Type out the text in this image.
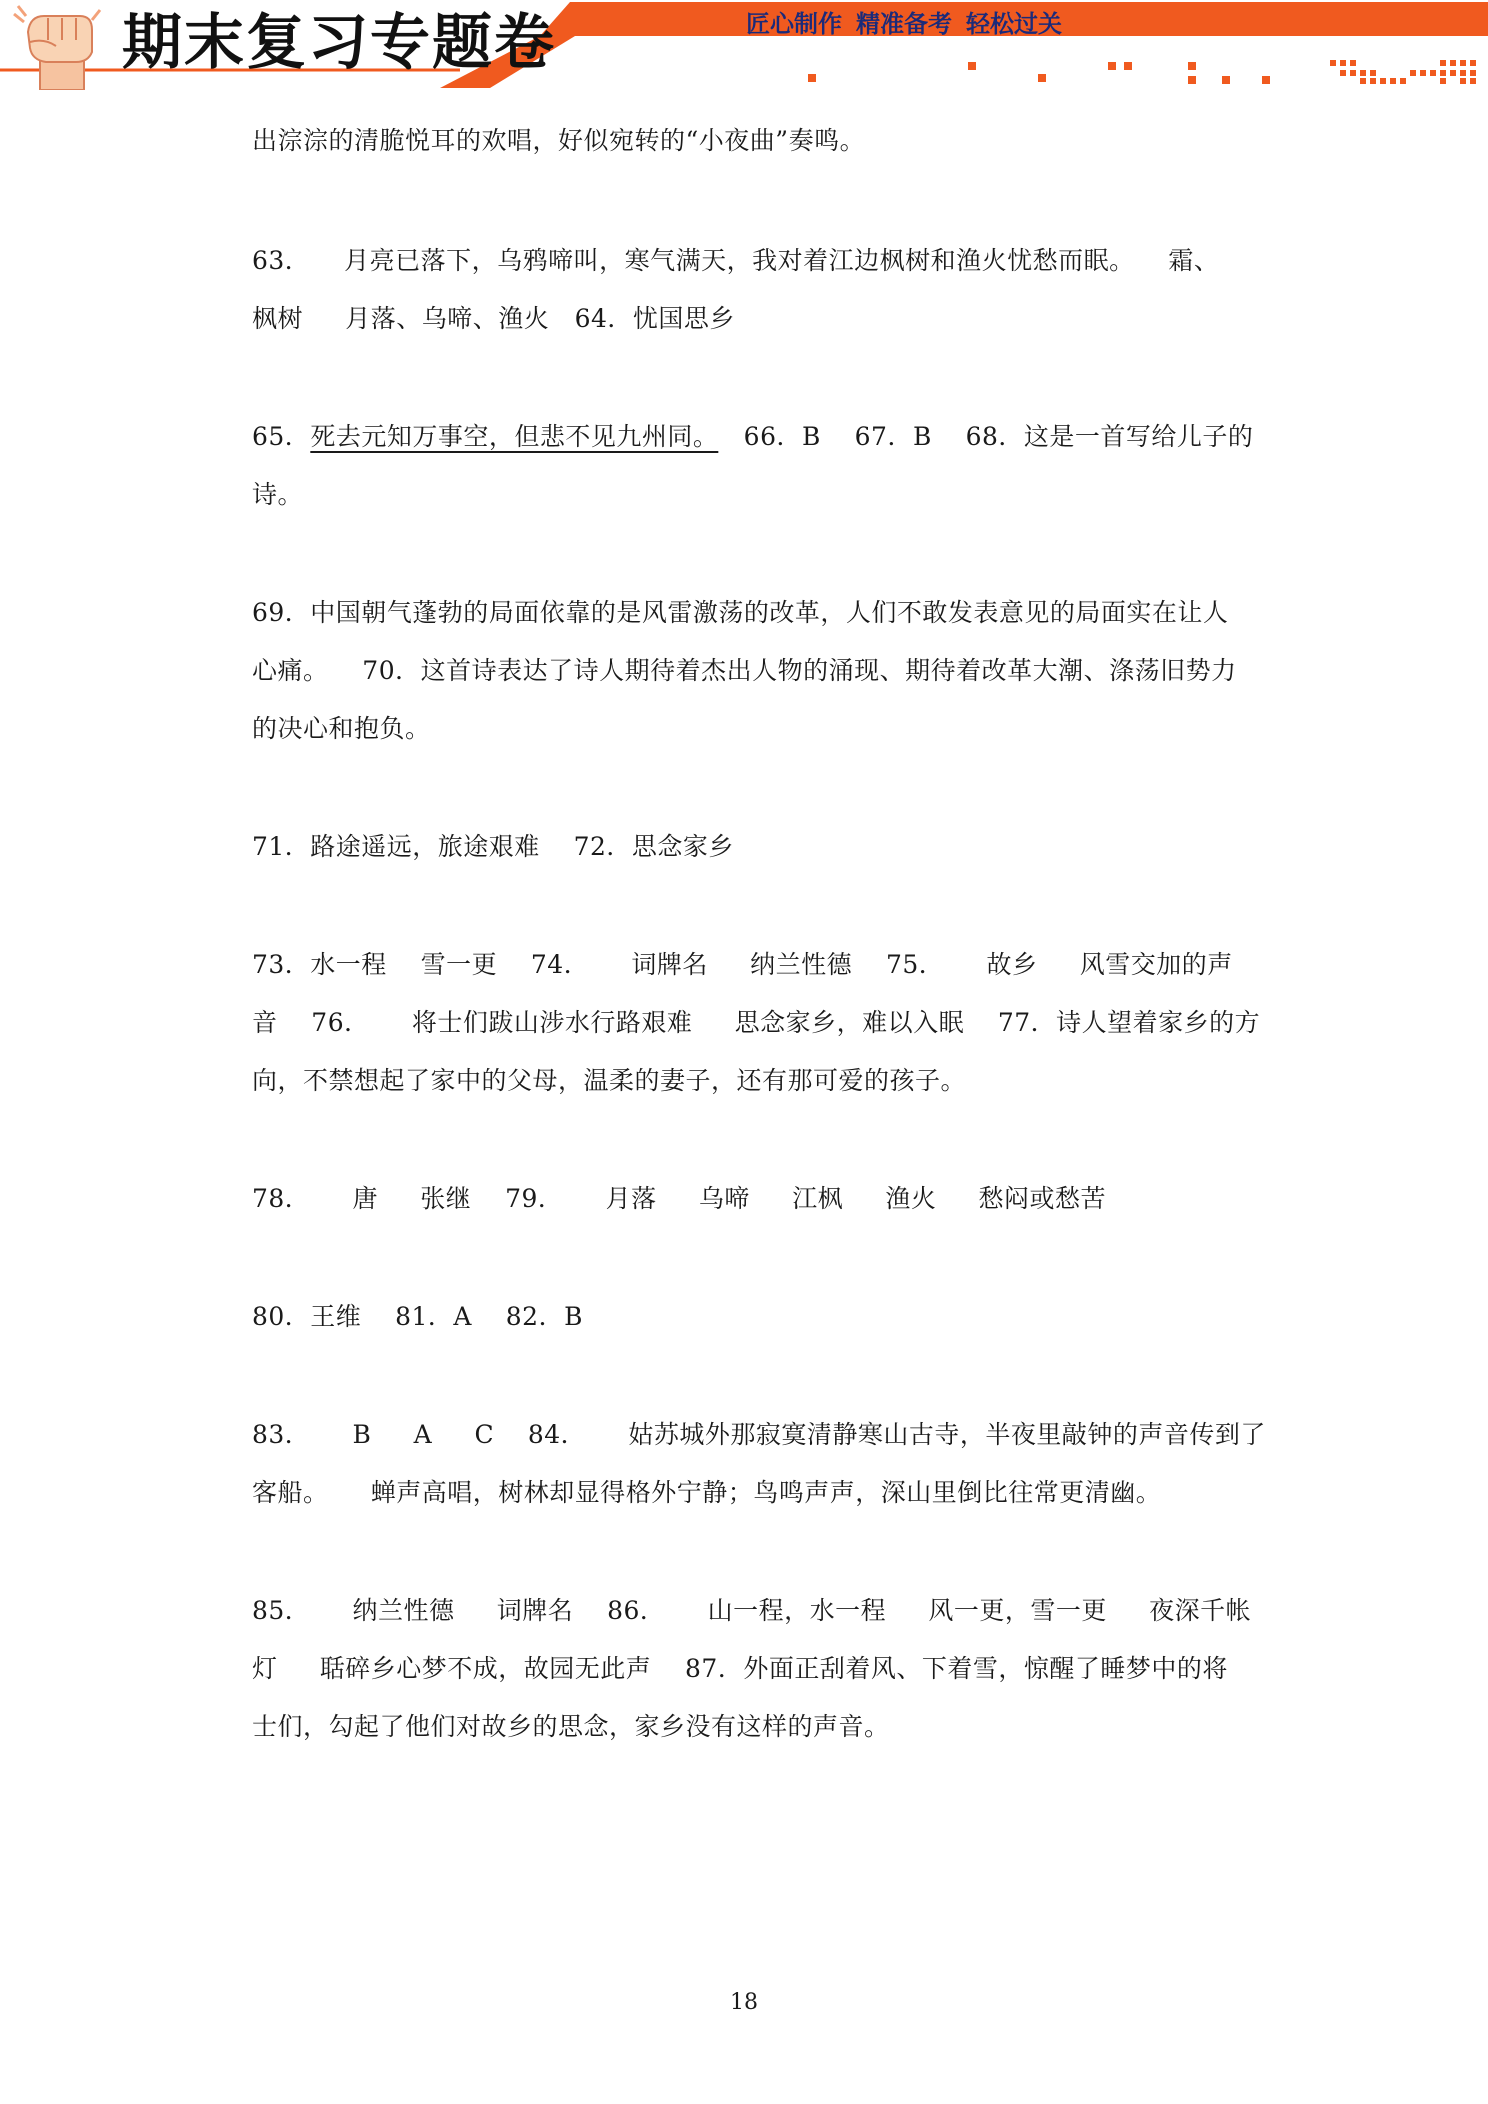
期末复习专题卷	匠心制作 精准备考 轻松过关
出淙淙的清脆悦耳的欢唱，好似宛转的“小夜曲”奏鸣。
63．    月亮已落下，乌鸦啼叫，寒气满天，我对着江边枫树和渔火忧愁而眠。    霜、
枫树     月落、乌啼、渔火   64．忧国思乡
65．死去元知万事空，但悲不见九州同。   66．B    67．B    68．这是一首写给儿子的
诗。
69．中国朝气蓬勃的局面依靠的是风雷激荡的改革，人们不敢发表意见的局面实在让人
心痛。    70．这首诗表达了诗人期待着杰出人物的涌现、期待着改革大潮、涤荡旧势力
的决心和抱负。
71．路途遥远，旅途艰难    72．思念家乡
73．水一程    雪一更    74．     词牌名     纳兰性德    75．     故乡     风雪交加的声
音    76．     将士们跋山涉水行路艰难     思念家乡，难以入眠    77．诗人望着家乡的方
向，不禁想起了家中的父母，温柔的妻子，还有那可爱的孩子。
78．     唐     张继    79．     月落     乌啼     江枫     渔火     愁闷或愁苦
80．王维    81．A    82．B
83．     B     A     C    84．     姑苏城外那寂寞清静寒山古寺，半夜里敲钟的声音传到了
客船。     蝉声高唱，树林却显得格外宁静；鸟鸣声声，深山里倒比往常更清幽。
85．     纳兰性德     词牌名    86．     山一程，水一程     风一更，雪一更     夜深千帐
灯     聒碎乡心梦不成，故园无此声    87．外面正刮着风、下着雪，惊醒了睡梦中的将
士们，勾起了他们对故乡的思念，家乡没有这样的声音。
18
